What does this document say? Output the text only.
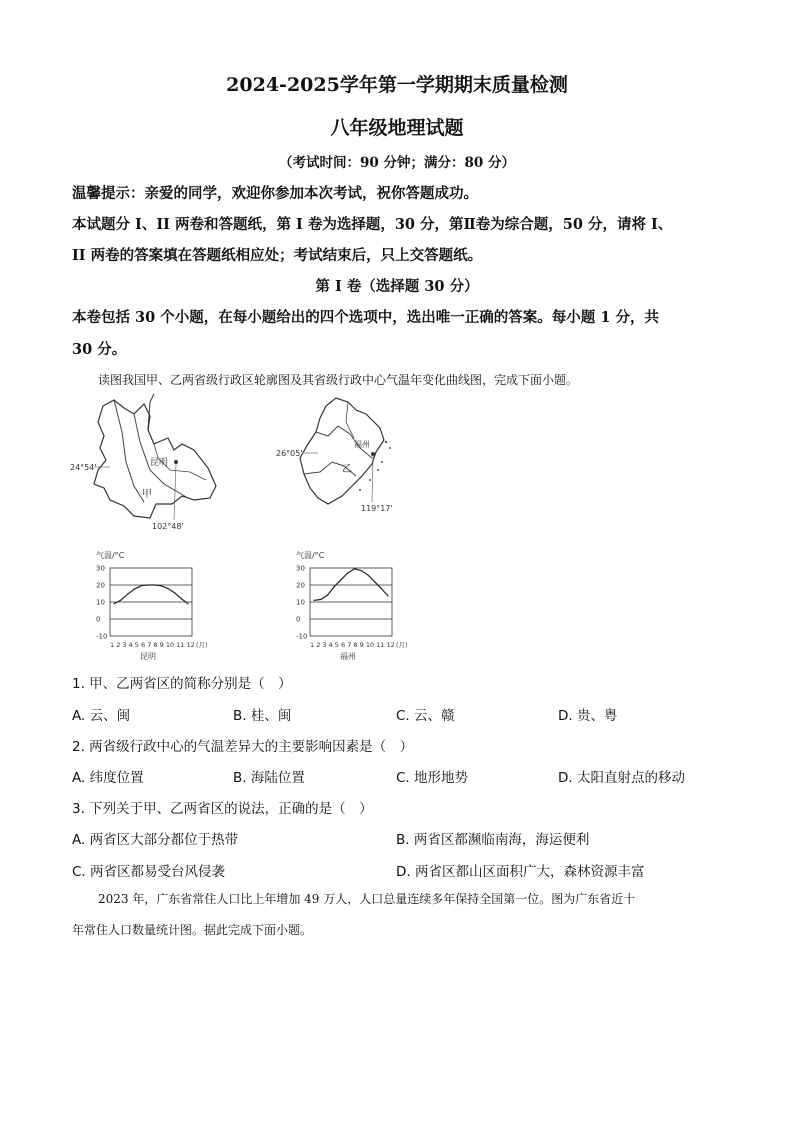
2024-2025学年第一学期期末质量检测
八年级地理试题
（考试时间：90 分钟；满分：80 分）
温馨提示：亲爱的同学，欢迎你参加本次考试，祝你答题成功。
本试题分 I、II 两卷和答题纸，第 Ⅰ 卷为选择题，30 分，第Ⅱ卷为综合题，50 分，请将 I、
II 两卷的答案填在答题纸相应处；考试结束后，只上交答题纸。
第 Ⅰ 卷（选择题 30 分）
本卷包括 30 个小题，在每小题给出的四个选项中，选出唯一正确的答案。每小题 1 分，共
30 分。
读图我国甲、乙两省级行政区轮廓图及其省级行政中心气温年变化曲线图，完成下面小题。
昆明
甲
24°54'
102°48'
福州
乙
26°05'
119°17'
气温/°C
30
20
10
0
-10
1 2 3 4 5 6 7 8 9 10 11 12 (月)
昆明
气温/°C
30
20
10
0
-10
1 2 3 4 5 6 7 8 9 10 11 12 (月)
福州
1. 甲、乙两省区的简称分别是（　）
A. 云、闽	B. 桂、闽	C. 云、赣	D. 贵、粤
2. 两省级行政中心的气温差异大的主要影响因素是（　）
A. 纬度位置	B. 海陆位置	C. 地形地势	D. 太阳直射点的移动
3. 下列关于甲、乙两省区的说法，正确的是（　）
A. 两省区大部分都位于热带	B. 两省区都濒临南海，海运便利
C. 两省区都易受台风侵袭	D. 两省区都山区面积广大，森林资源丰富
2023 年，广东省常住人口比上年增加 49 万人，人口总量连续多年保持全国第一位。图为广东省近十
年常住人口数量统计图。据此完成下面小题。
